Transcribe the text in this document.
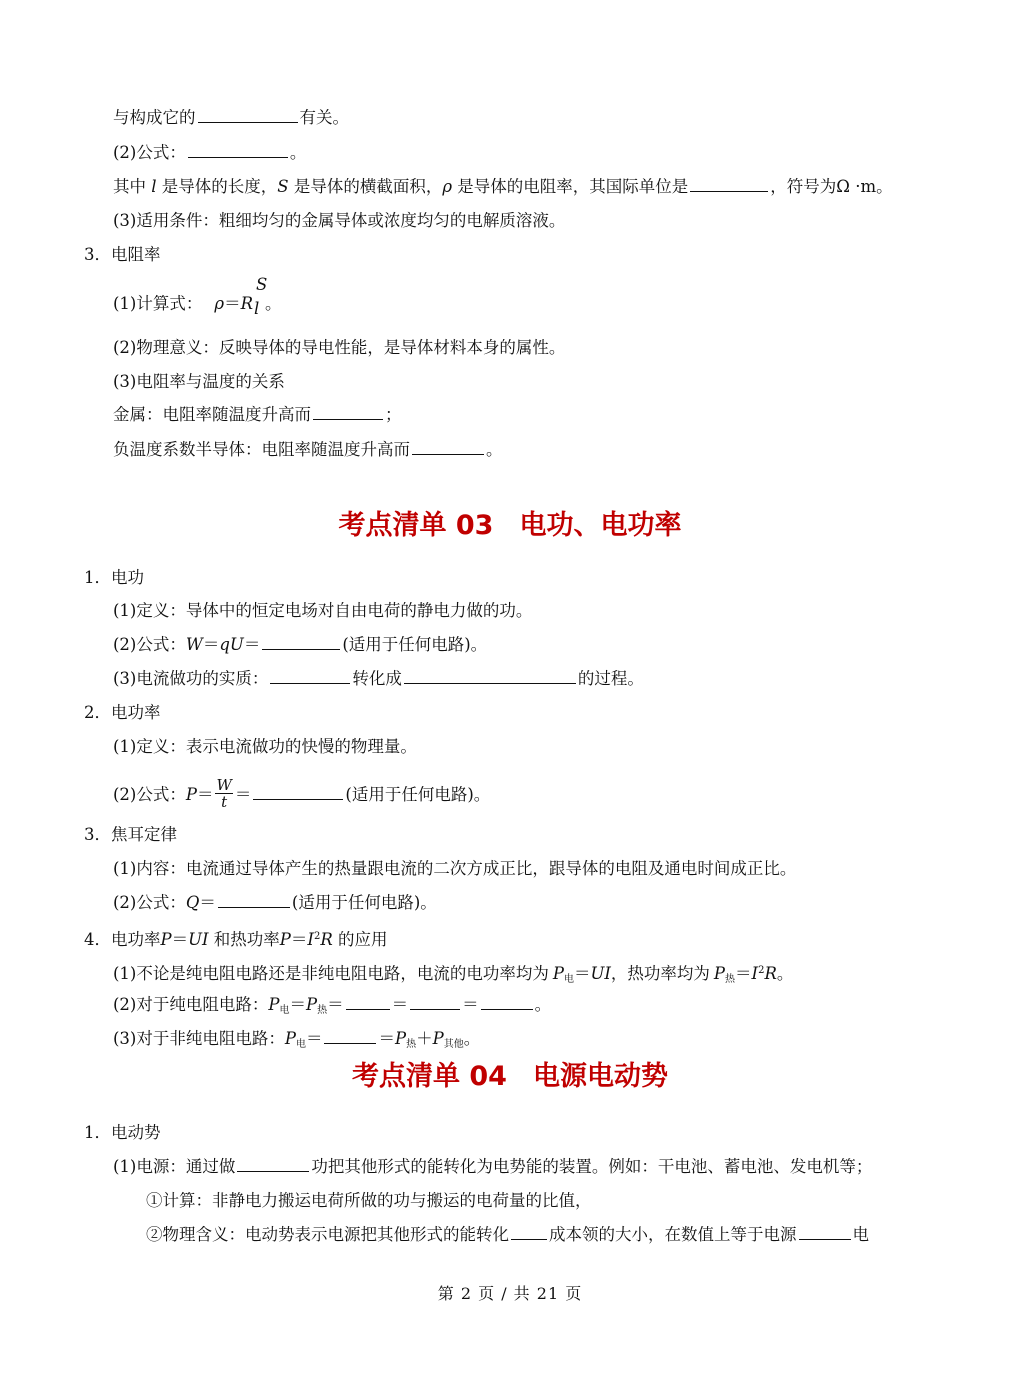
与构成它的	有关。
(2)公式：	。
其中 l 是导体的长度，S 是导体的横截面积，ρ 是导体的电阻率，其国际单位是	，符号为Ω ·m。
(3)适用条件：粗细均匀的金属导体或浓度均匀的电解质溶液。
3．电阻率
(1)计算式： ρ＝R
S
l 。
(2)物理意义：反映导体的导电性能，是导体材料本身的属性。
(3)电阻率与温度的关系
金属：电阻率随温度升高而	；
负温度系数半导体：电阻率随温度升高而	。
考点清单 03 电功、电功率
1．电功
(1)定义：导体中的恒定电场对自由电荷的静电力做的功。
(2)公式：W＝qU＝	(适用于任何电路)。
(3)电流做功的实质：	转化成	的过程。
2．电功率
(1)定义：表示电流做功的快慢的物理量。
(2)公式：$P= \frac{W}{t}$ ＝	(适用于任何电路)。
3．焦耳定律
(1)内容：电流通过导体产生的热量跟电流的二次方成正比，跟导体的电阻及通电时间成正比。
(2)公式：Q＝	(适用于任何电路)。
4．电功率P＝UI 和热功率$P=I^2R$ 的应用
(1)不论是纯电阻电路还是非纯电阻电路，电流的电功率均为 $P_电=UI$，热功率均为 $P_热=I^2R$。
(2)对于纯电阻电路：$P_电=P_热=$	＝	＝	。
(3)对于非纯电阻电路：$P_电=$	$=P_热+P_{其他}$。
考点清单 04 电源电动势
1．电动势
(1)电源：通过做	功把其他形式的能转化为电势能的装置。例如：干电池、蓄电池、发电机等；
①计算：非静电力搬运电荷所做的功与搬运的电荷量的比值，
②物理含义：电动势表示电源把其他形式的能转化 成本领的大小，在数值上等于电源	电
第 2 页 / 共 21 页
